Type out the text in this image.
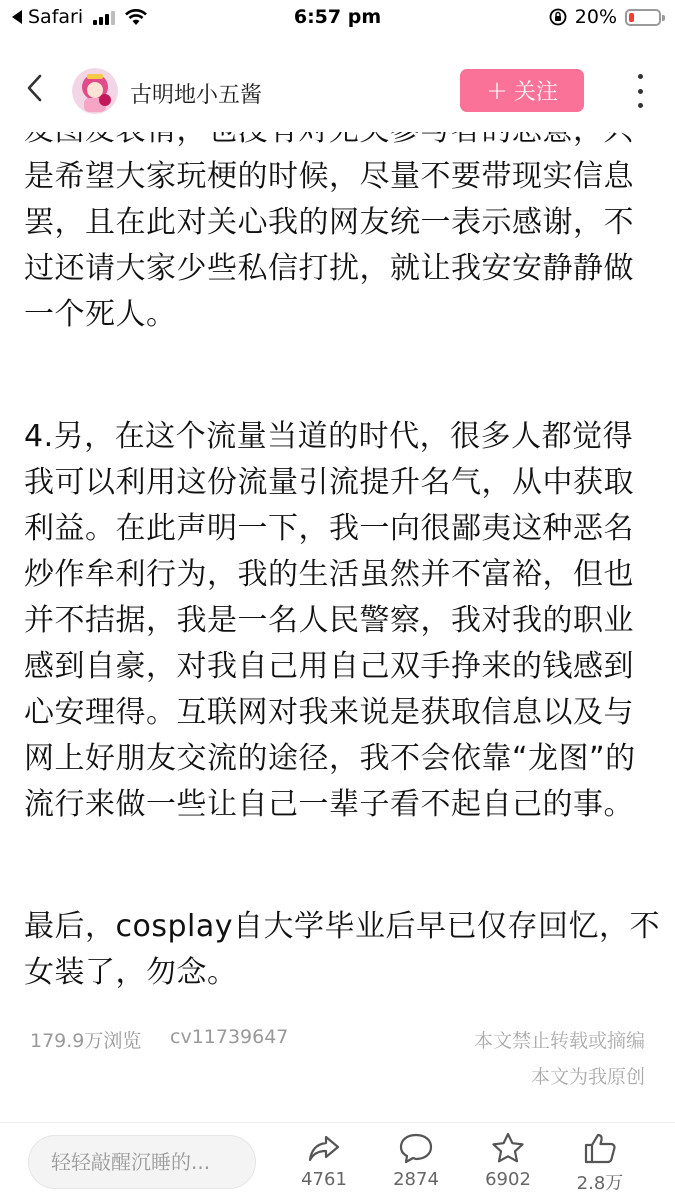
Safari	6:57 pm	20%

是希望大家玩梗的时候，尽量不要带现实信息罢，且在此对关心我的网友统一表示感谢，不过还请大家少些私信打扰，就让我安安静静做一个死人。

4.另，在这个流量当道的时代，很多人都觉得我可以利用这份流量引流提升名气，从中获取利益。在此声明一下，我一向很鄙夷这种恶名炒作牟利行为，我的生活虽然并不富裕，但也并不拮据，我是一名人民警察，我对我的职业感到自豪，对我自己用自己双手挣来的钱感到心安理得。互联网对我来说是获取信息以及与网上好朋友交流的途径，我不会依靠“龙图”的流行来做一些让自己一辈子看不起自己的事。

最后，cosplay自大学毕业后早已仅存回忆，不女装了，勿念。

古明地小五酱	+ 关注
179.9万浏览 cv11739647	本文禁止转载或摘编
本文为我原创
轻轻敲醒沉睡的...
4761	2874	6902	2.8万
